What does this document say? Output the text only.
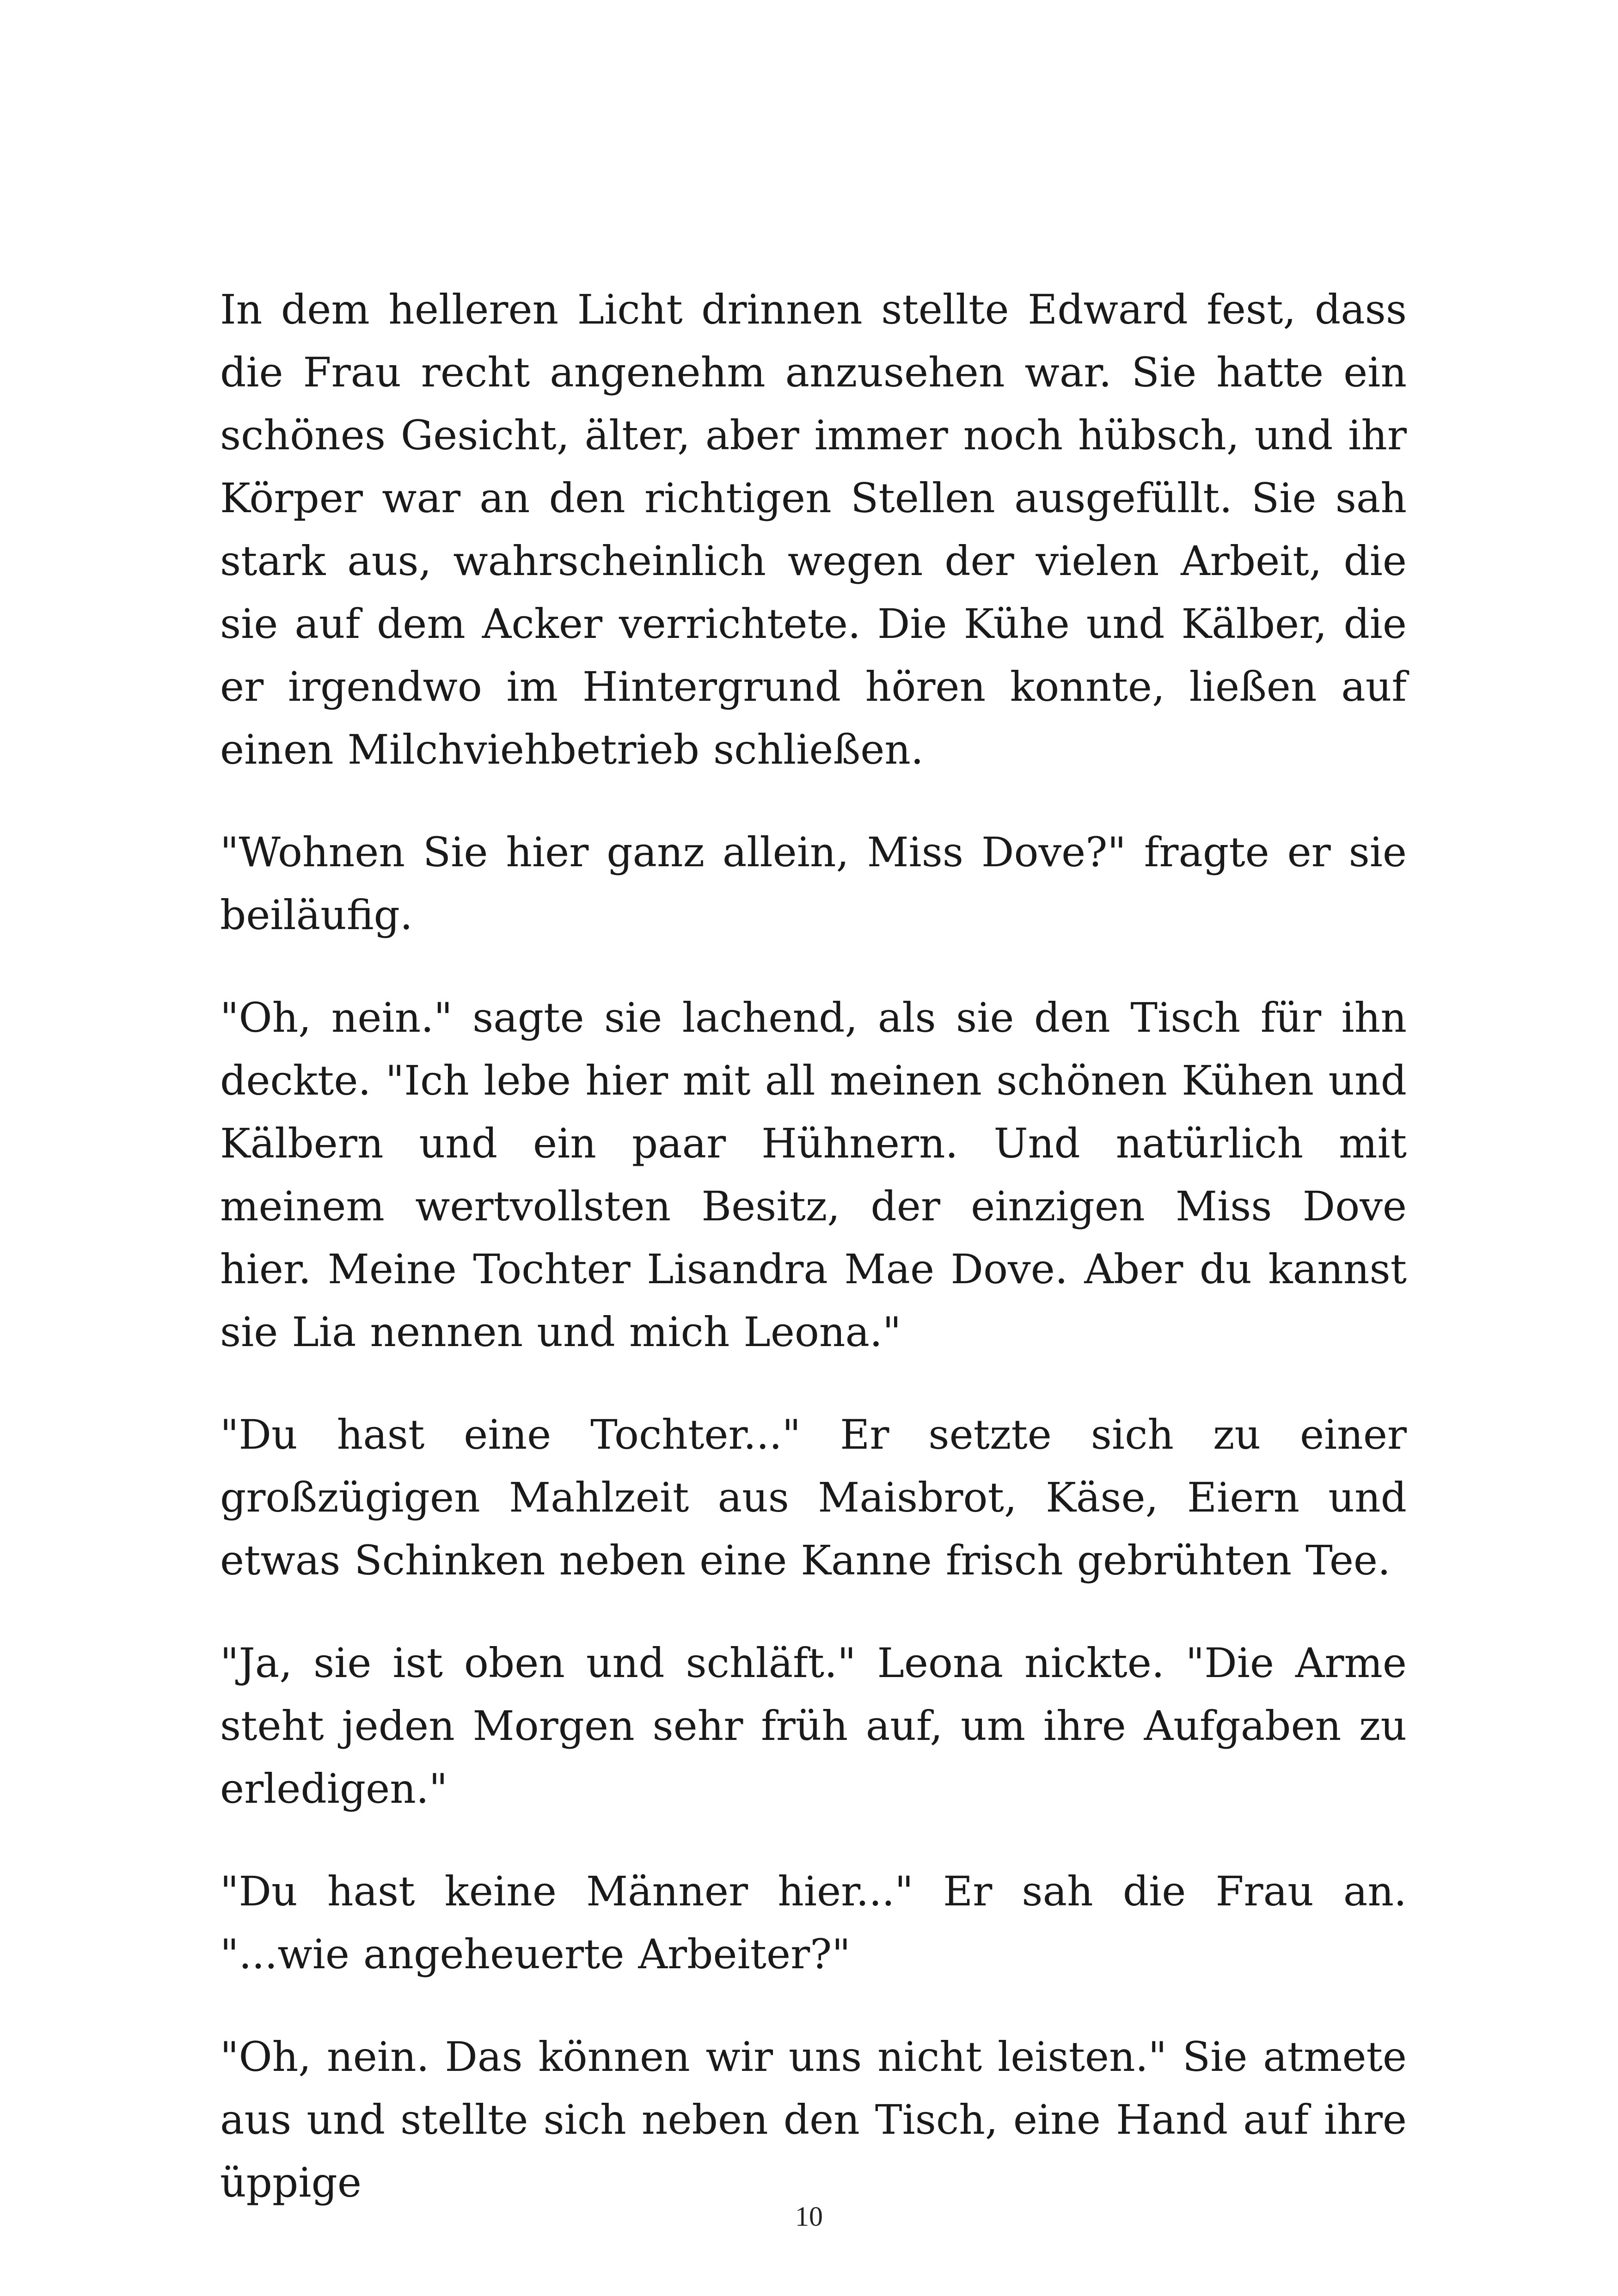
In dem helleren Licht drinnen stellte Edward fest, dass die Frau recht angenehm anzusehen war. Sie hatte ein schönes Gesicht, älter, aber immer noch hübsch, und ihr Körper war an den richtigen Stellen ausgefüllt. Sie sah stark aus, wahrscheinlich wegen der vielen Arbeit, die sie auf dem Acker verrichtete. Die Kühe und Kälber, die er irgendwo im Hintergrund hören konnte, ließen auf einen Milchviehbetrieb schließen.

"Wohnen Sie hier ganz allein, Miss Dove?" fragte er sie beiläufig.

"Oh, nein." sagte sie lachend, als sie den Tisch für ihn deckte. "Ich lebe hier mit all meinen schönen Kühen und Kälbern und ein paar Hühnern. Und natürlich mit meinem wertvollsten Besitz, der einzigen Miss Dove hier. Meine Tochter Lisandra Mae Dove. Aber du kannst sie Lia nennen und mich Leona."

"Du hast eine Tochter..." Er setzte sich zu einer großzügigen Mahlzeit aus Maisbrot, Käse, Eiern und etwas Schinken neben eine Kanne frisch gebrühten Tee.

"Ja, sie ist oben und schläft." Leona nickte. "Die Arme steht jeden Morgen sehr früh auf, um ihre Aufgaben zu erledigen."

"Du hast keine Männer hier..." Er sah die Frau an. "...wie angeheuerte Arbeiter?"

"Oh, nein. Das können wir uns nicht leisten." Sie atmete aus und stellte sich neben den Tisch, eine Hand auf ihre üppige

10
